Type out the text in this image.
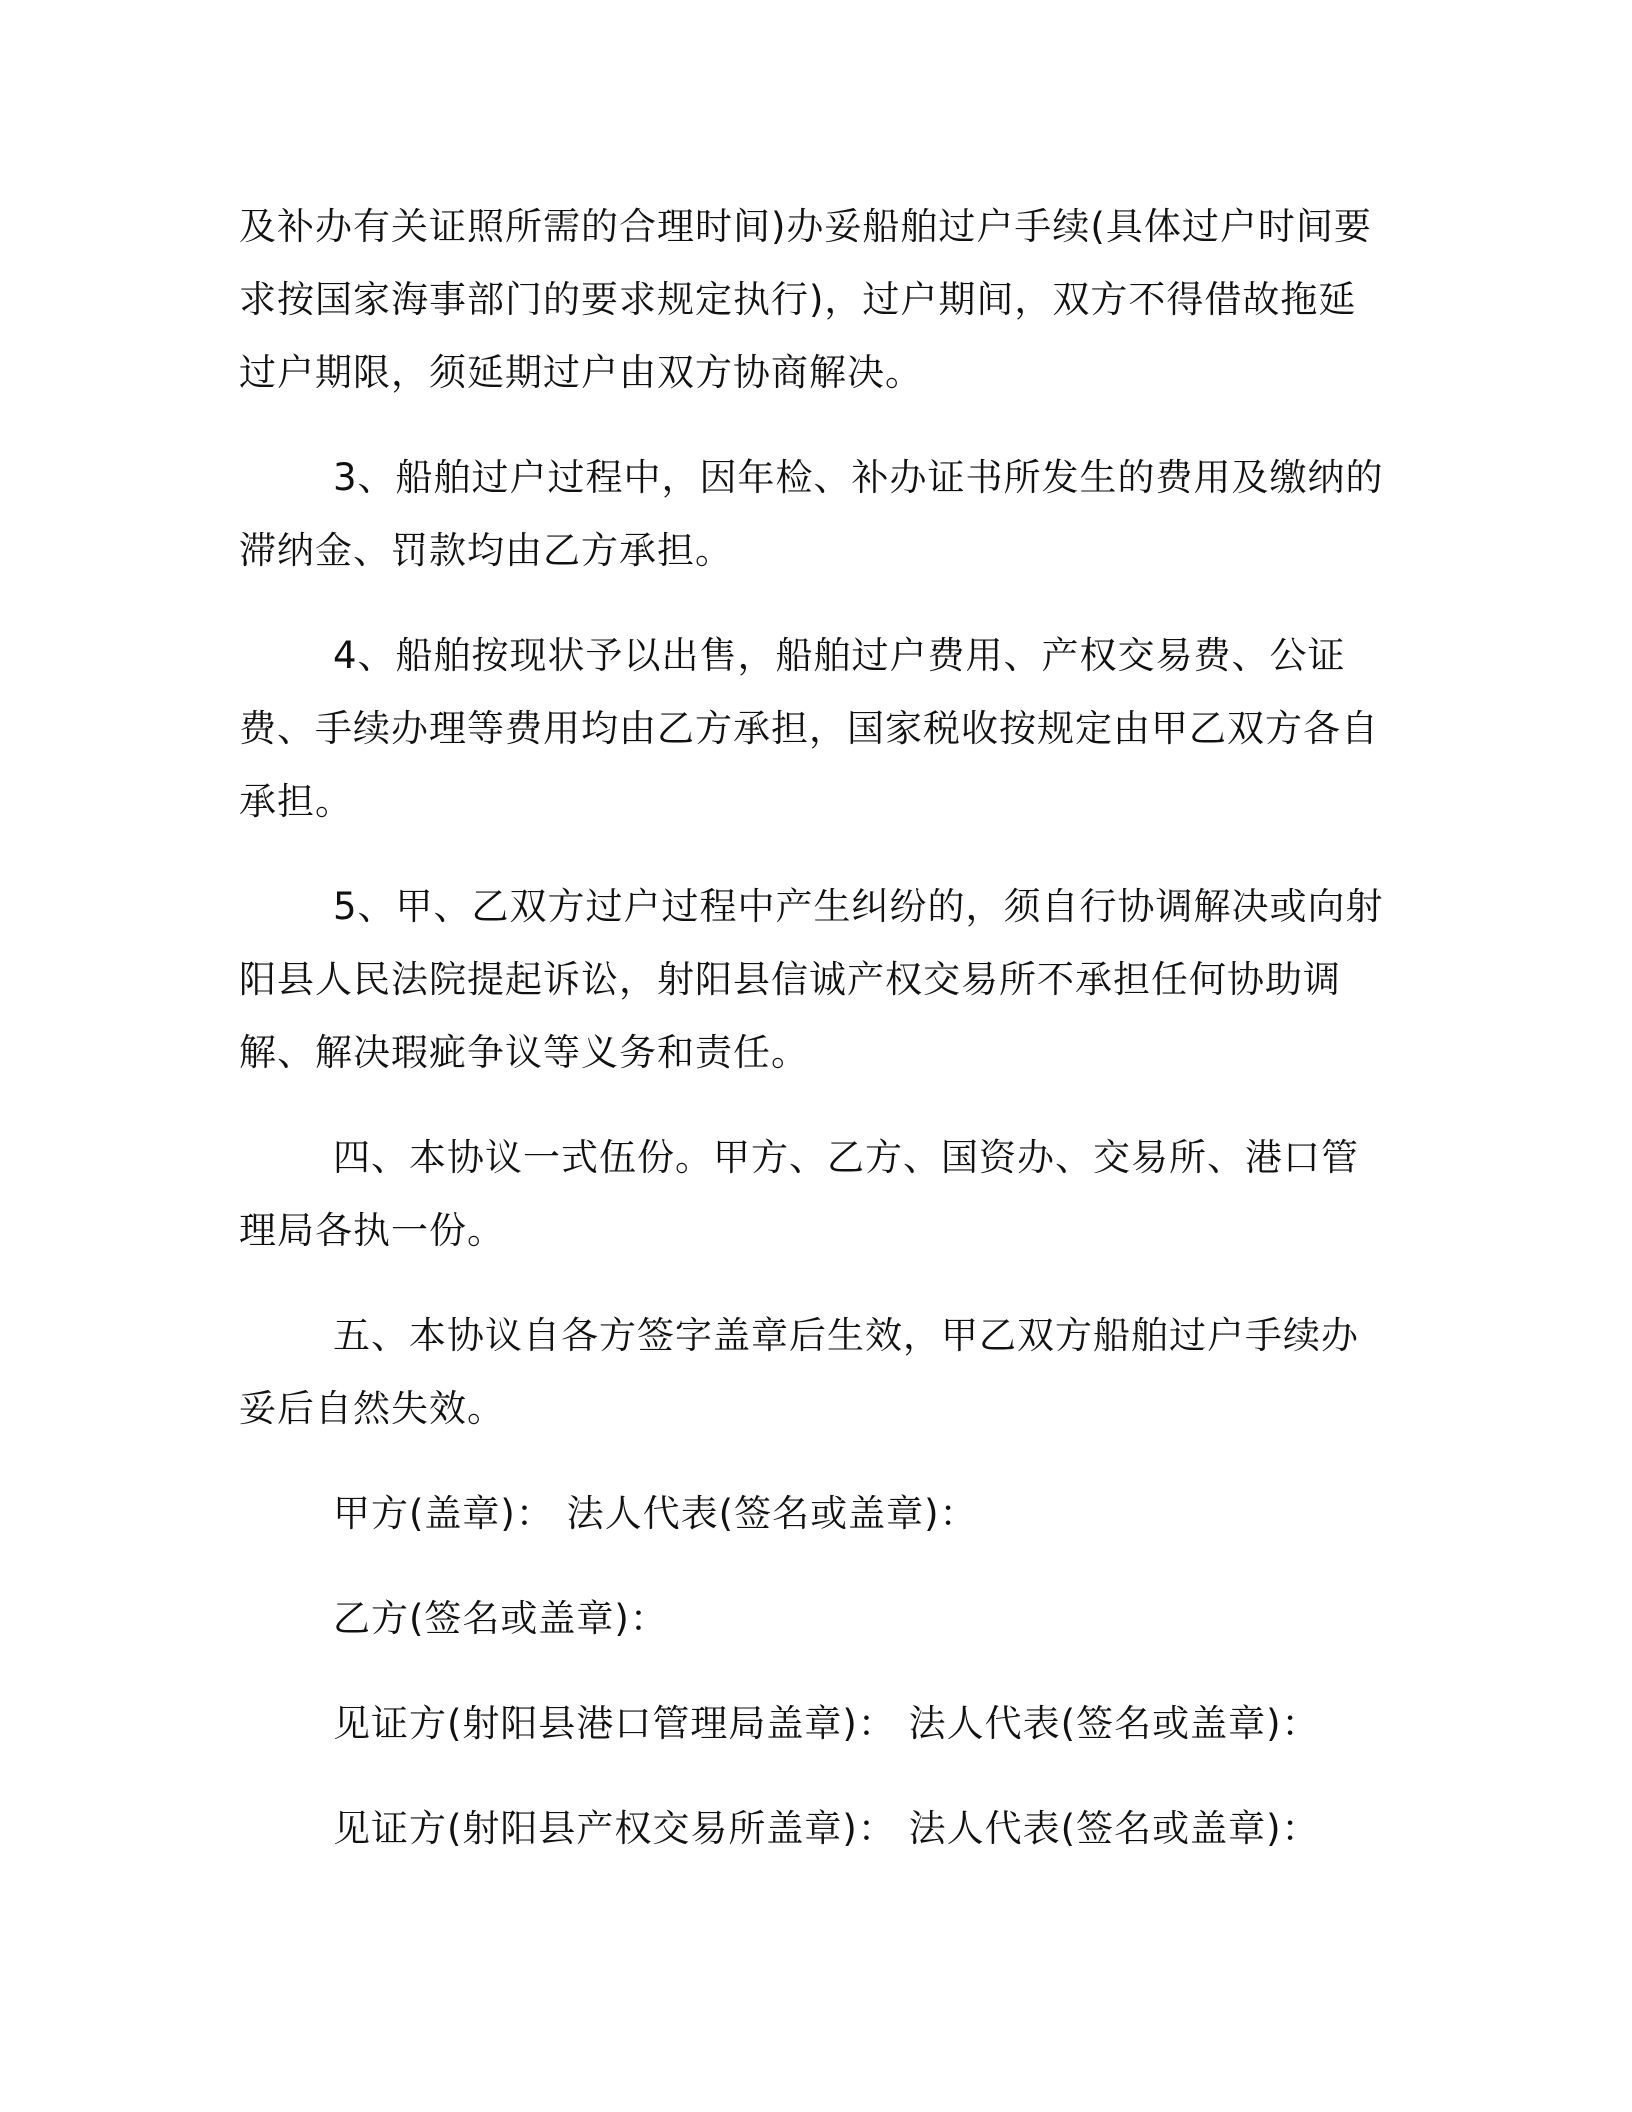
及补办有关证照所需的合理时间)办妥船舶过户手续(具体过户时间要求按国家海事部门的要求规定执行)，过户期间，双方不得借故拖延过户期限，须延期过户由双方协商解决。

3、船舶过户过程中，因年检、补办证书所发生的费用及缴纳的滞纳金、罚款均由乙方承担。

4、船舶按现状予以出售，船舶过户费用、产权交易费、公证费、手续办理等费用均由乙方承担，国家税收按规定由甲乙双方各自承担。

5、甲、乙双方过户过程中产生纠纷的，须自行协调解决或向射阳县人民法院提起诉讼，射阳县信诚产权交易所不承担任何协助调解、解决瑕疵争议等义务和责任。

四、本协议一式伍份。甲方、乙方、国资办、交易所、港口管理局各执一份。

五、本协议自各方签字盖章后生效，甲乙双方船舶过户手续办妥后自然失效。

甲方(盖章)： 法人代表(签名或盖章)：
乙方(签名或盖章)：
见证方(射阳县港口管理局盖章)： 法人代表(签名或盖章)：
见证方(射阳县产权交易所盖章)： 法人代表(签名或盖章)：
